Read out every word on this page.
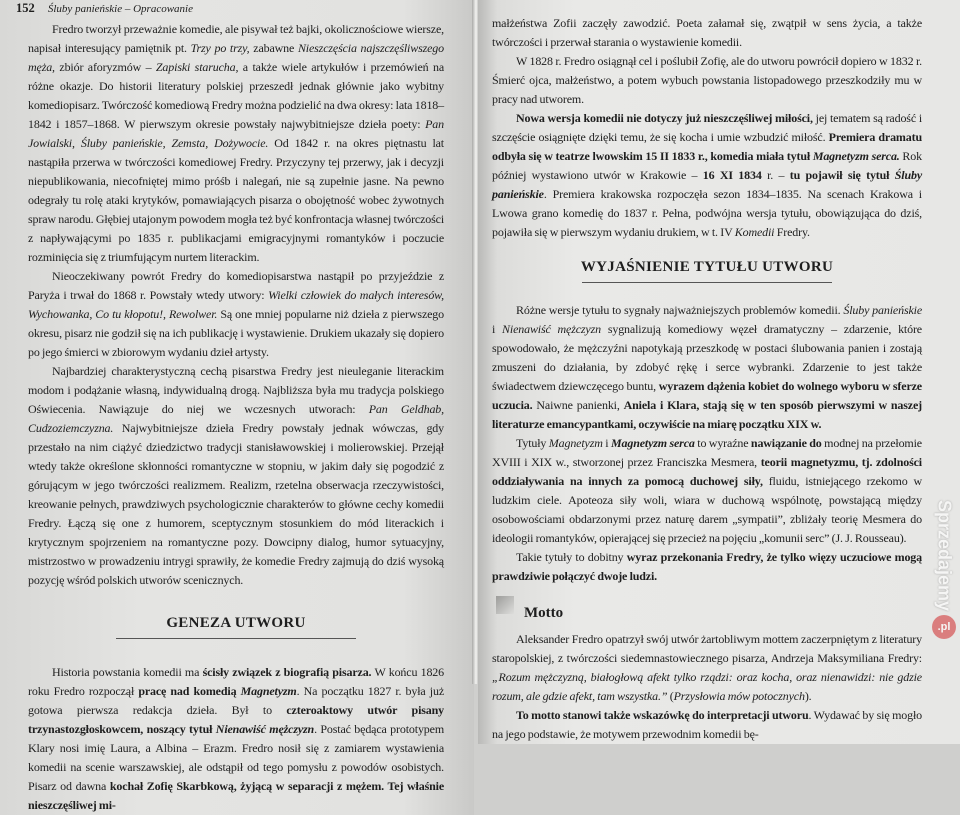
152 Śluby panieńskie – Opracowanie

Fredro tworzył przeważnie komedie, ale pisywał też bajki, okolicznościowe wiersze, napisał interesujący pamiętnik pt. Trzy po trzy, zabawne Nieszczęścia najszczęśliwszego męża, zbiór aforyzmów – Zapiski starucha, a także wiele artykułów i przemówień na różne okazje. Do historii literatury polskiej przeszedł jednak głównie jako wybitny komediopisarz. Twórczość komediową Fredry można podzielić na dwa okresy: lata 1818–1842 i 1857–1868. W pierwszym okresie powstały najwybitniejsze dzieła poety: Pan Jowialski, Śluby panieńskie, Zemsta, Dożywocie. Od 1842 r. na okres piętnastu lat nastąpiła przerwa w twórczości komediowej Fredry. Przyczyny tej przerwy, jak i decyzji niepublikowania, niecofniętej mimo próśb i nalegań, nie są zupełnie jasne. Na pewno odegrały tu rolę ataki krytyków, pomawiających pisarza o obojętność wobec żywotnych spraw narodu. Głębiej utajonym powodem mogła też być konfrontacja własnej twórczości z napływającymi po 1835 r. publikacjami emigracyjnymi romantyków i poczucie rozminięcia się z triumfującym nurtem literackim.

Nieoczekiwany powrót Fredry do komediopisarstwa nastąpił po przyjeździe z Paryża i trwał do 1868 r. Powstały wtedy utwory: Wielki człowiek do małych interesów, Wychowanka, Co tu kłopotu!, Rewolwer. Są one mniej popularne niż dzieła z pierwszego okresu, pisarz nie godził się na ich publikację i wystawienie. Drukiem ukazały się dopiero po jego śmierci w zbiorowym wydaniu dzieł artysty.

Najbardziej charakterystyczną cechą pisarstwa Fredry jest nieuleganie literackim modom i podążanie własną, indywidualną drogą. Najbliższa była mu tradycja polskiego Oświecenia. Nawiązuje do niej we wczesnych utworach: Pan Geldhab, Cudzoziemczyzna. Najwybitniejsze dzieła Fredry powstały jednak wówczas, gdy przestało na nim ciążyć dziedzictwo tradycji stanisławowskiej i molierowskiej. Przejął wtedy także określone skłonności romantyczne w stopniu, w jakim dały się pogodzić z górującym w jego twórczości realizmem. Realizm, rzetelna obserwacja rzeczywistości, kreowanie pełnych, prawdziwych psychologicznie charakterów to główne cechy komedii Fredry. Łączą się one z humorem, sceptycznym stosunkiem do mód literackich i krytycznym spojrzeniem na romantyczne pozy. Dowcipny dialog, humor sytuacyjny, mistrzostwo w prowadzeniu intrygi sprawiły, że komedie Fredry zajmują do dziś wysoką pozycję wśród polskich utworów scenicznych.

GENEZA UTWORU

Historia powstania komedii ma ścisły związek z biografią pisarza. W końcu 1826 roku Fredro rozpoczął pracę nad komedią Magnetyzm. Na początku 1827 r. była już gotowa pierwsza redakcja dzieła. Był to czteroaktowy utwór pisany trzynastozgłoskowcem, noszący tytuł Nienawiść mężczyzn. Postać będąca prototypem Klary nosi imię Laura, a Albina – Erazm. Fredro nosił się z zamiarem wystawienia komedii na scenie warszawskiej, ale odstąpił od tego pomysłu z powodów osobistych. Pisarz od dawna kochał Zofię Skarbkową, żyjącą w separacji z mężem. Tej właśnie nieszczęśliwej mi-

małżeństwa Zofii zaczęły zawodzić. Poeta załamał się, zwątpił w sens życia, a także twórczości i przerwał starania o wystawienie komedii.

W 1828 r. Fredro osiągnął cel i poślubił Zofię, ale do utworu powrócił dopiero w 1832 r. Śmierć ojca, małżeństwo, a potem wybuch powstania listopadowego przeszkodziły mu w pracy nad utworem.

Nowa wersja komedii nie dotyczy już nieszczęśliwej miłości, jej tematem są radość i szczęście osiągnięte dzięki temu, że się kocha i umie wzbudzić miłość. Premiera dramatu odbyła się w teatrze lwowskim 15 II 1833 r., komedia miała tytuł Magnetyzm serca. Rok później wystawiono utwór w Krakowie – 16 XI 1834 r. – tu pojawił się tytuł Śluby panieńskie. Premiera krakowska rozpoczęła sezon 1834–1835. Na scenach Krakowa i Lwowa grano komedię do 1837 r. Pełna, podwójna wersja tytułu, obowiązująca do dziś, pojawiła się w pierwszym wydaniu drukiem, w t. IV Komedii Fredry.

WYJAŚNIENIE TYTUŁU UTWORU

Różne wersje tytułu to sygnały najważniejszych problemów komedii. Śluby panieńskie i Nienawiść mężczyzn sygnalizują komediowy węzeł dramatyczny – zdarzenie, które spowodowało, że mężczyźni napotykają przeszkodę w postaci ślubowania panien i zostają zmuszeni do działania, by zdobyć rękę i serce wybranki. Zdarzenie to jest także świadectwem dziewczęcego buntu, wyrazem dążenia kobiet do wolnego wyboru w sferze uczucia. Naiwne panienki, Aniela i Klara, stają się w ten sposób pierwszymi w naszej literaturze emancypantkami, oczywiście na miarę początku XIX w.

Tytuły Magnetyzm i Magnetyzm serca to wyraźne nawiązanie do modnej na przełomie XVIII i XIX w., stworzonej przez Franciszka Mesmera, teorii magnetyzmu, tj. zdolności oddziaływania na innych za pomocą duchowej siły, fluidu, istniejącego rzekomo w ludzkim ciele. Apoteoza siły woli, wiara w duchową wspólnotę, powstającą między osobowościami obdarzonymi przez naturę darem „sympatii”, zbliżały teorię Mesmera do ideologii romantyków, opierającej się przecież na pojęciu „komunii serc” (J. J. Rousseau).

Takie tytuły to dobitny wyraz przekonania Fredry, że tylko więzy uczuciowe mogą prawdziwie połączyć dwoje ludzi.

Motto

Aleksander Fredro opatrzył swój utwór żartobliwym mottem zaczerpniętym z literatury staropolskiej, z twórczości siedemnastowiecznego pisarza, Andrzeja Maksymiliana Fredry: „Rozum mężczyzną, białogłową afekt tylko rządzi: oraz kocha, oraz nienawidzi: nie gdzie rozum, ale gdzie afekt, tam wszystka.” (Przysłowia mów potocznych).

To motto stanowi także wskazówkę do interpretacji utworu. Wydawać by się mogło na jego podstawie, że motywem przewodnim komedii bę-

Sprzedajemy
.pl
